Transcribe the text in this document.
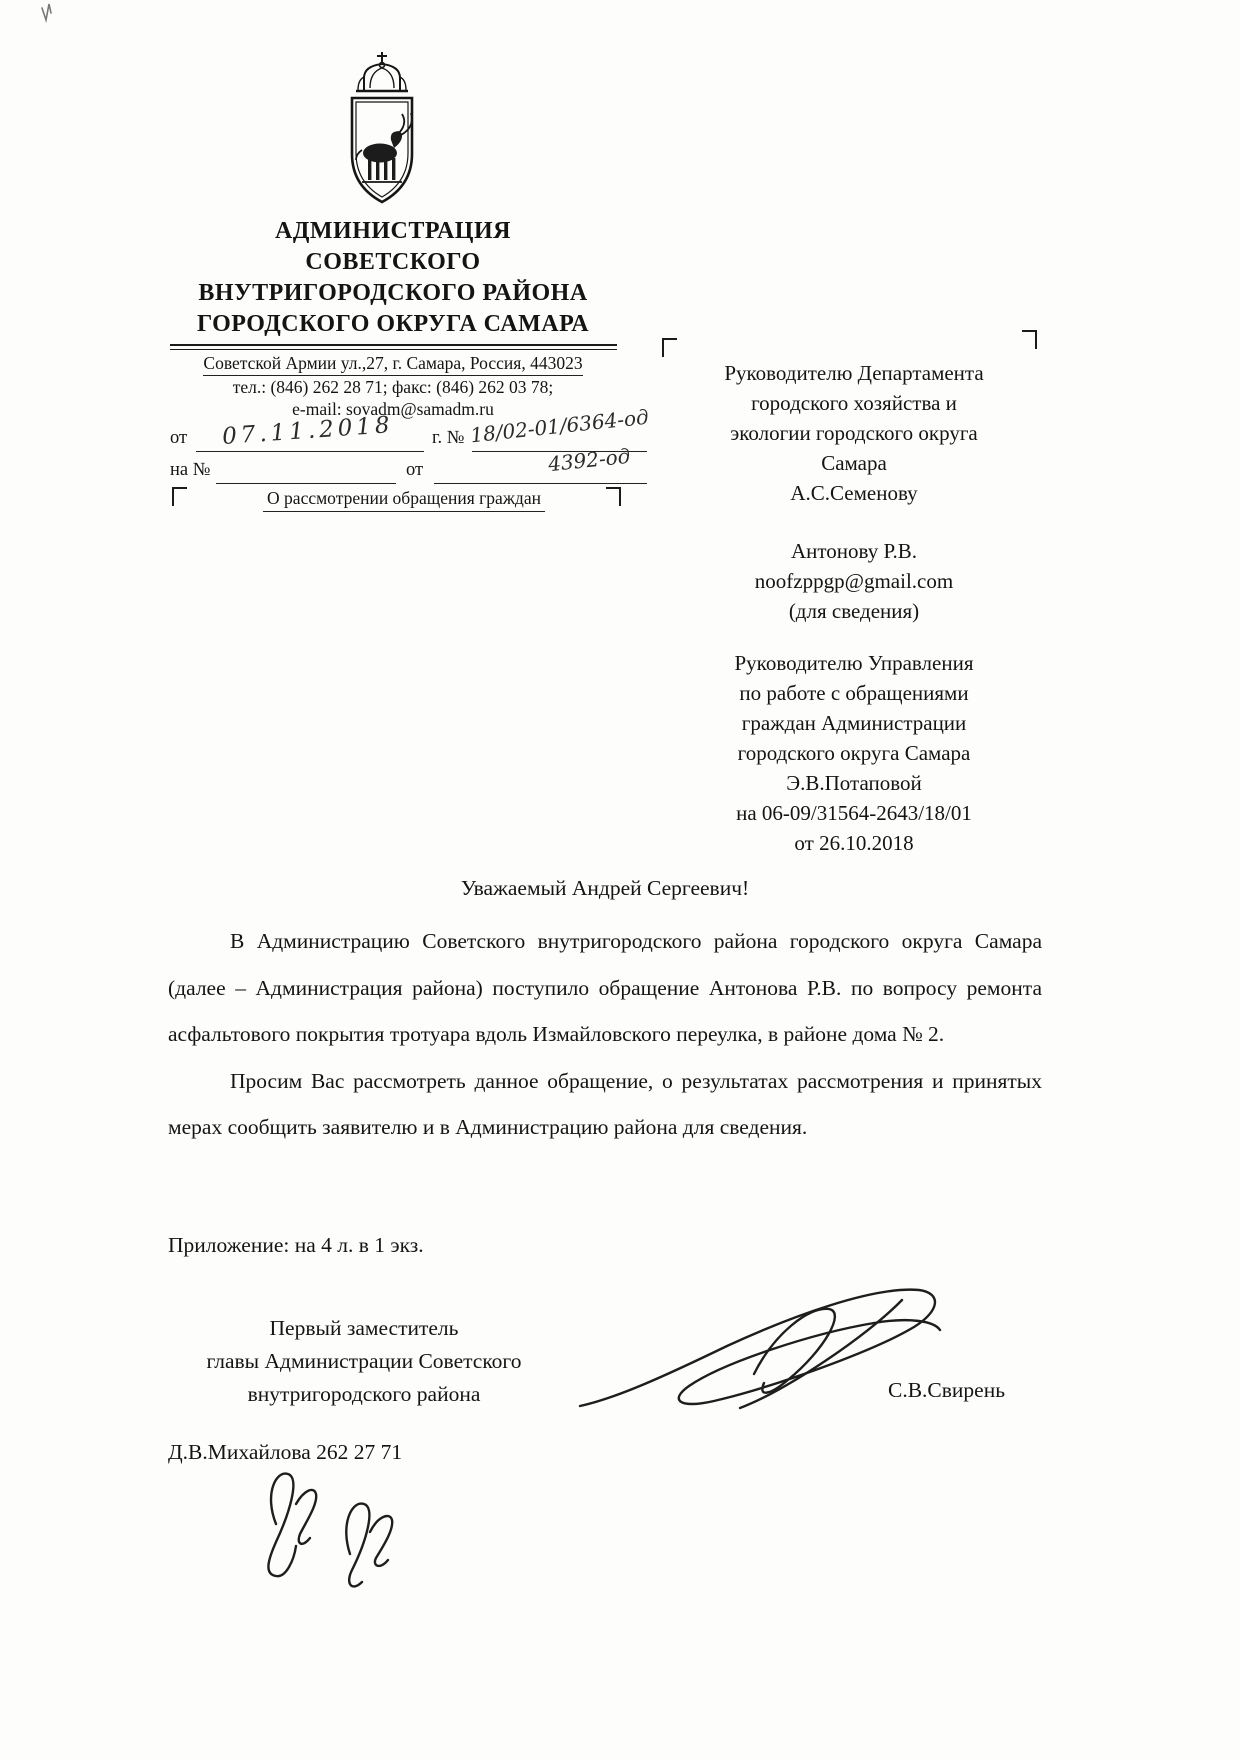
АДМИНИСТРАЦИЯ
СОВЕТСКОГО
ВНУТРИГОРОДСКОГО РАЙОНА
ГОРОДСКОГО ОКРУГА САМАРА
Советской Армии ул.,27, г. Самара, Россия, 443023
тел.: (846) 262 28 71; факс: (846) 262 03 78;
e-mail: sovadm@samadm.ru
от 07.11.2018 г. № 18/02-01/6364-од
4392-од
на №	от
О рассмотрении обращения граждан
Руководителю Департамента
городского хозяйства и
экологии городского округа
Самара
А.С.Семенову
Антонову Р.В.
noofzppgp@gmail.com
(для сведения)
Руководителю Управления
по работе с обращениями
граждан Администрации
городского округа Самара
Э.В.Потаповой
на 06-09/31564-2643/18/01
от 26.10.2018
Уважаемый Андрей Сергеевич!

В Администрацию Советского внутригородского района городского округа Самара (далее – Администрация района) поступило обращение Антонова Р.В. по вопросу ремонта асфальтового покрытия тротуара вдоль Измайловского переулка, в районе дома № 2.

Просим Вас рассмотреть данное обращение, о результатах рассмотрения и принятых мерах сообщить заявителю и в Администрацию района для сведения.

Приложение: на 4 л. в 1 экз.
Первый заместитель
главы Администрации Советского
внутригородского района	С.В.Свирень
Д.В.Михайлова 262 27 71
